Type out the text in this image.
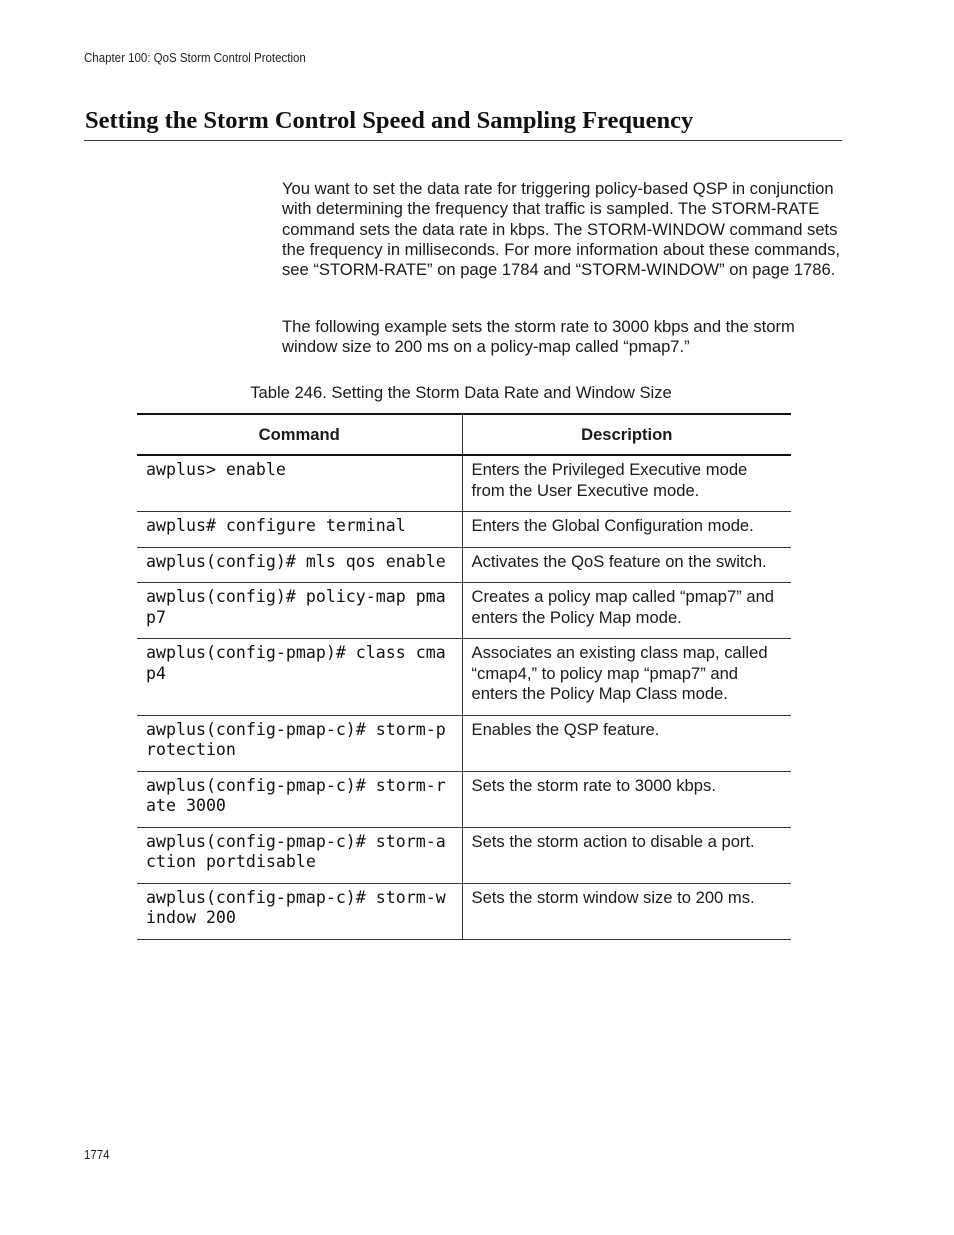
Chapter 100: QoS Storm Control Protection
Setting the Storm Control Speed and Sampling Frequency

You want to set the data rate for triggering policy-based QSP in conjunction with determining the frequency that traffic is sampled. The STORM-RATE command sets the data rate in kbps. The STORM-WINDOW command sets the frequency in milliseconds. For more information about these commands, see “STORM-RATE” on page 1784 and “STORM-WINDOW” on page 1786.

The following example sets the storm rate to 3000 kbps and the storm window size to 200 ms on a policy-map called “pmap7.”

Table 246. Setting the Storm Data Rate and Window Size
Command	Description
awplus> enable	Enters the Privileged Executive mode from the User Executive mode.
awplus# configure terminal	Enters the Global Configuration mode.
awplus(config)# mls qos enable	Activates the QoS feature on the switch.
awplus(config)# policy-map pmap7	Creates a policy map called “pmap7” and enters the Policy Map mode.
awplus(config-pmap)# class cmap4	Associates an existing class map, called “cmap4,” to policy map “pmap7” and enters the Policy Map Class mode.
awplus(config-pmap-c)# storm-protection	Enables the QSP feature.
awplus(config-pmap-c)# storm-rate 3000	Sets the storm rate to 3000 kbps.
awplus(config-pmap-c)# storm-action portdisable	Sets the storm action to disable a port.
awplus(config-pmap-c)# storm-window 200	Sets the storm window size to 200 ms.
1774
